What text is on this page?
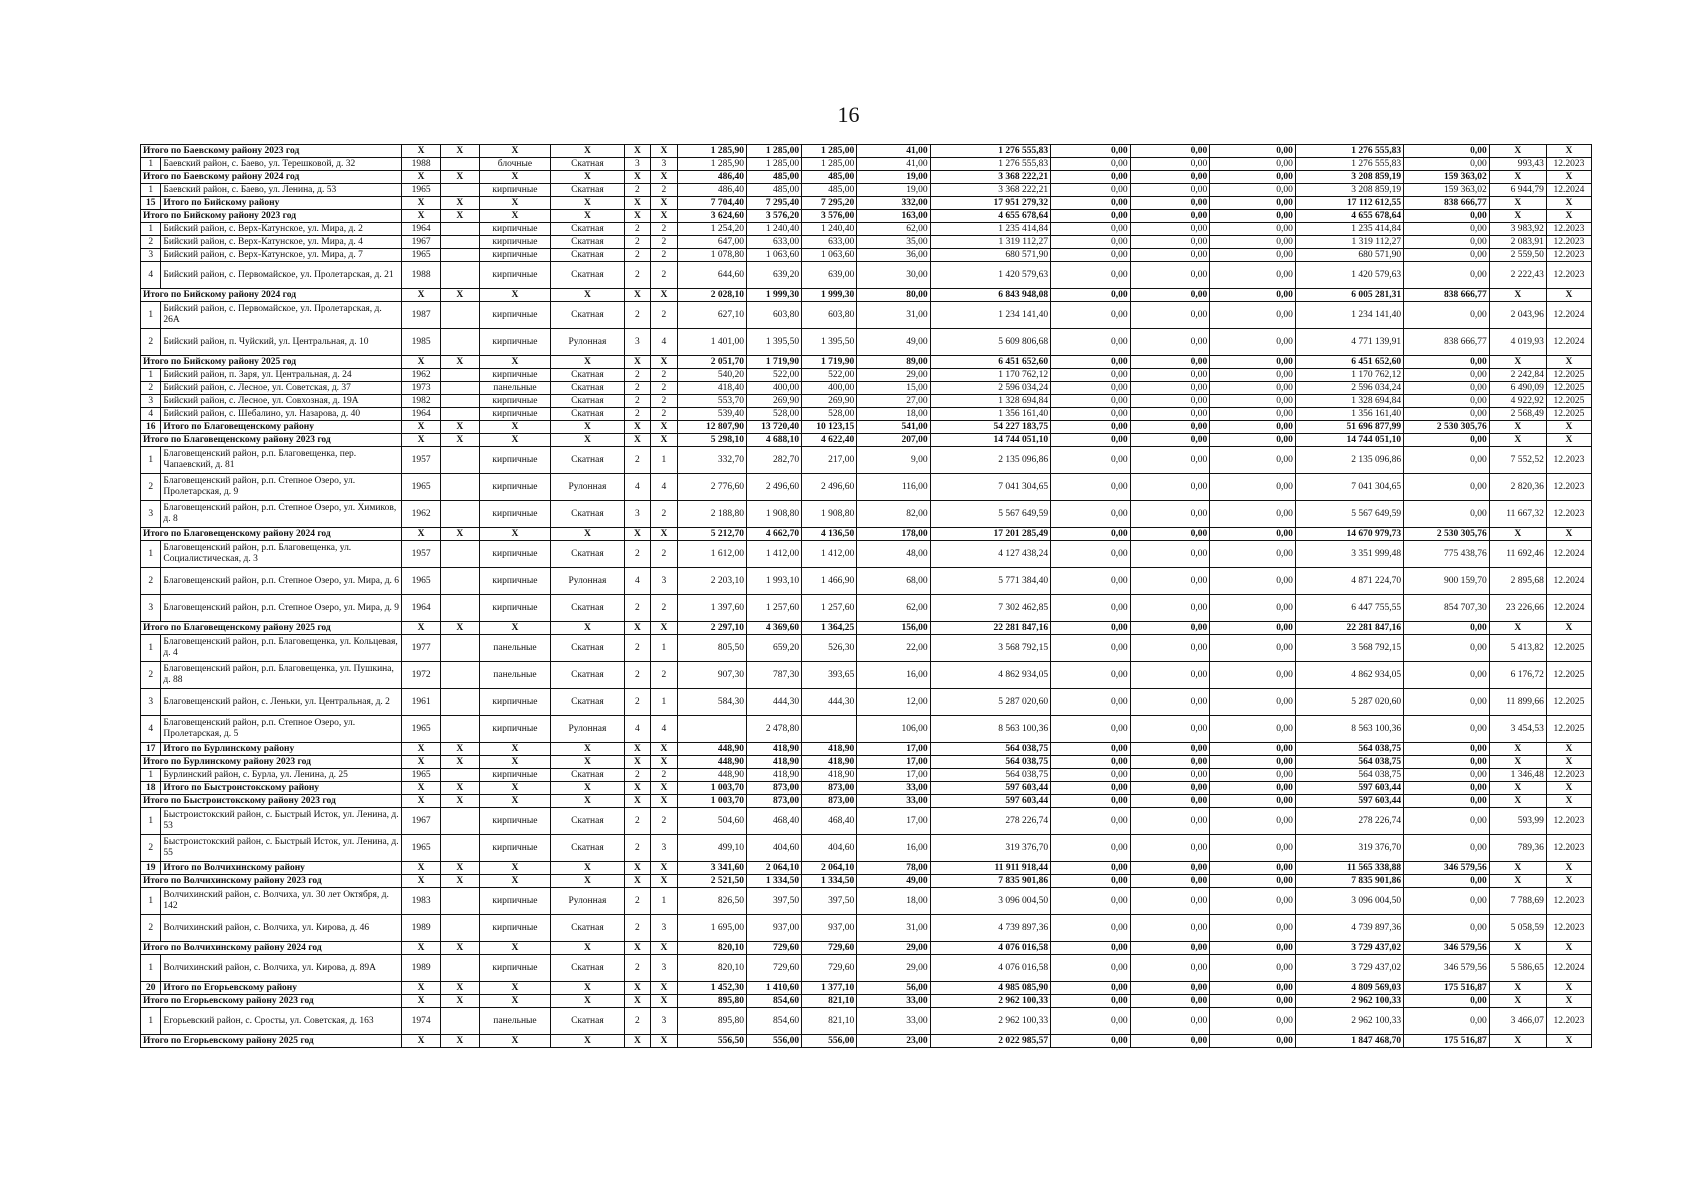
16
Итого по Баевскому району 2023 год		X	X	X	X	X	X	1 285,90	1 285,00	1 285,00	41,00	1 276 555,83	0,00	0,00	0,00	1 276 555,83	0,00	X	X
1	Баевский район, с. Баево, ул. Терешковой, д. 32	1988		блочные	Скатная	3	3	1 285,90	1 285,00	1 285,00	41,00	1 276 555,83	0,00	0,00	0,00	1 276 555,83	0,00	993,43	12.2023
Итого по Баевскому району 2024 год		X	X	X	X	X	X	486,40	485,00	485,00	19,00	3 368 222,21	0,00	0,00	0,00	3 208 859,19	159 363,02	X	X
1	Баевский район, с. Баево, ул. Ленина, д. 53	1965		кирпичные	Скатная	2	2	486,40	485,00	485,00	19,00	3 368 222,21	0,00	0,00	0,00	3 208 859,19	159 363,02	6 944,79	12.2024
15	Итого по Бийскому району	X	X	X	X	X	X	7 704,40	7 295,40	7 295,20	332,00	17 951 279,32	0,00	0,00	0,00	17 112 612,55	838 666,77	X	X
Итого по Бийскому району 2023 год		X	X	X	X	X	X	3 624,60	3 576,20	3 576,00	163,00	4 655 678,64	0,00	0,00	0,00	4 655 678,64	0,00	X	X
1	Бийский район, с. Верх-Катунское, ул. Мира, д. 2	1964		кирпичные	Скатная	2	2	1 254,20	1 240,40	1 240,40	62,00	1 235 414,84	0,00	0,00	0,00	1 235 414,84	0,00	3 983,92	12.2023
2	Бийский район, с. Верх-Катунское, ул. Мира, д. 4	1967		кирпичные	Скатная	2	2	647,00	633,00	633,00	35,00	1 319 112,27	0,00	0,00	0,00	1 319 112,27	0,00	2 083,91	12.2023
3	Бийский район, с. Верх-Катунское, ул. Мира, д. 7	1965		кирпичные	Скатная	2	2	1 078,80	1 063,60	1 063,60	36,00	680 571,90	0,00	0,00	0,00	680 571,90	0,00	2 559,50	12.2023
4	Бийский район, с. Первомайское, ул. Пролетарская, д. 21	1988		кирпичные	Скатная	2	2	644,60	639,20	639,00	30,00	1 420 579,63	0,00	0,00	0,00	1 420 579,63	0,00	2 222,43	12.2023
Итого по Бийскому району 2024 год		X	X	X	X	X	X	2 028,10	1 999,30	1 999,30	80,00	6 843 948,08	0,00	0,00	0,00	6 005 281,31	838 666,77	X	X
1	Бийский район, с. Первомайское, ул. Пролетарская, д. 26А	1987		кирпичные	Скатная	2	2	627,10	603,80	603,80	31,00	1 234 141,40	0,00	0,00	0,00	1 234 141,40	0,00	2 043,96	12.2024
2	Бийский район, п. Чуйский, ул. Центральная, д. 10	1985		кирпичные	Рулонная	3	4	1 401,00	1 395,50	1 395,50	49,00	5 609 806,68	0,00	0,00	0,00	4 771 139,91	838 666,77	4 019,93	12.2024
Итого по Бийскому району 2025 год		X	X	X	X	X	X	2 051,70	1 719,90	1 719,90	89,00	6 451 652,60	0,00	0,00	0,00	6 451 652,60	0,00	X	X
1	Бийский район, п. Заря, ул. Центральная, д. 24	1962		кирпичные	Скатная	2	2	540,20	522,00	522,00	29,00	1 170 762,12	0,00	0,00	0,00	1 170 762,12	0,00	2 242,84	12.2025
2	Бийский район, с. Лесное, ул. Советская, д. 37	1973		панельные	Скатная	2	2	418,40	400,00	400,00	15,00	2 596 034,24	0,00	0,00	0,00	2 596 034,24	0,00	6 490,09	12.2025
3	Бийский район, с. Лесное, ул. Совхозная, д. 19А	1982		кирпичные	Скатная	2	2	553,70	269,90	269,90	27,00	1 328 694,84	0,00	0,00	0,00	1 328 694,84	0,00	4 922,92	12.2025
4	Бийский район, с. Шебалино, ул. Назарова, д. 40	1964		кирпичные	Скатная	2	2	539,40	528,00	528,00	18,00	1 356 161,40	0,00	0,00	0,00	1 356 161,40	0,00	2 568,49	12.2025
16	Итого по Благовещенскому району	X	X	X	X	X	X	12 807,90	13 720,40	10 123,15	541,00	54 227 183,75	0,00	0,00	0,00	51 696 877,99	2 530 305,76	X	X
Итого по Благовещенскому району 2023 год		X	X	X	X	X	X	5 298,10	4 688,10	4 622,40	207,00	14 744 051,10	0,00	0,00	0,00	14 744 051,10	0,00	X	X
1	Благовещенский район, р.п. Благовещенка, пер. Чапаевский, д. 81	1957		кирпичные	Скатная	2	1	332,70	282,70	217,00	9,00	2 135 096,86	0,00	0,00	0,00	2 135 096,86	0,00	7 552,52	12.2023
2	Благовещенский район, р.п. Степное Озеро, ул. Пролетарская, д. 9	1965		кирпичные	Рулонная	4	4	2 776,60	2 496,60	2 496,60	116,00	7 041 304,65	0,00	0,00	0,00	7 041 304,65	0,00	2 820,36	12.2023
3	Благовещенский район, р.п. Степное Озеро, ул. Химиков, д. 8	1962		кирпичные	Скатная	3	2	2 188,80	1 908,80	1 908,80	82,00	5 567 649,59	0,00	0,00	0,00	5 567 649,59	0,00	11 667,32	12.2023
Итого по Благовещенскому району 2024 год		X	X	X	X	X	X	5 212,70	4 662,70	4 136,50	178,00	17 201 285,49	0,00	0,00	0,00	14 670 979,73	2 530 305,76	X	X
1	Благовещенский район, р.п. Благовещенка, ул. Социалистическая, д. 3	1957		кирпичные	Скатная	2	2	1 612,00	1 412,00	1 412,00	48,00	4 127 438,24	0,00	0,00	0,00	3 351 999,48	775 438,76	11 692,46	12.2024
2	Благовещенский район, р.п. Степное Озеро, ул. Мира, д. 6	1965		кирпичные	Рулонная	4	3	2 203,10	1 993,10	1 466,90	68,00	5 771 384,40	0,00	0,00	0,00	4 871 224,70	900 159,70	2 895,68	12.2024
3	Благовещенский район, р.п. Степное Озеро, ул. Мира, д. 9	1964		кирпичные	Скатная	2	2	1 397,60	1 257,60	1 257,60	62,00	7 302 462,85	0,00	0,00	0,00	6 447 755,55	854 707,30	23 226,66	12.2024
Итого по Благовещенскому району 2025 год		X	X	X	X	X	X	2 297,10	4 369,60	1 364,25	156,00	22 281 847,16	0,00	0,00	0,00	22 281 847,16	0,00	X	X
1	Благовещенский район, р.п. Благовещенка, ул. Кольцевая, д. 4	1977		панельные	Скатная	2	1	805,50	659,20	526,30	22,00	3 568 792,15	0,00	0,00	0,00	3 568 792,15	0,00	5 413,82	12.2025
2	Благовещенский район, р.п. Благовещенка, ул. Пушкина, д. 88	1972		панельные	Скатная	2	2	907,30	787,30	393,65	16,00	4 862 934,05	0,00	0,00	0,00	4 862 934,05	0,00	6 176,72	12.2025
3	Благовещенский район, с. Леньки, ул. Центральная, д. 2	1961		кирпичные	Скатная	2	1	584,30	444,30	444,30	12,00	5 287 020,60	0,00	0,00	0,00	5 287 020,60	0,00	11 899,66	12.2025
4	Благовещенский район, р.п. Степное Озеро, ул. Пролетарская, д. 5	1965		кирпичные	Рулонная	4	4		2 478,80		106,00	8 563 100,36	0,00	0,00	0,00	8 563 100,36	0,00	3 454,53	12.2025
17	Итого по Бурлинскому району	X	X	X	X	X	X	448,90	418,90	418,90	17,00	564 038,75	0,00	0,00	0,00	564 038,75	0,00	X	X
Итого по Бурлинскому району 2023 год		X	X	X	X	X	X	448,90	418,90	418,90	17,00	564 038,75	0,00	0,00	0,00	564 038,75	0,00	X	X
1	Бурлинский район, с. Бурла, ул. Ленина, д. 25	1965		кирпичные	Скатная	2	2	448,90	418,90	418,90	17,00	564 038,75	0,00	0,00	0,00	564 038,75	0,00	1 346,48	12.2023
18	Итого по Быстроистокскому району	X	X	X	X	X	X	1 003,70	873,00	873,00	33,00	597 603,44	0,00	0,00	0,00	597 603,44	0,00	X	X
Итого по Быстроистокскому району 2023 год		X	X	X	X	X	X	1 003,70	873,00	873,00	33,00	597 603,44	0,00	0,00	0,00	597 603,44	0,00	X	X
1	Быстроистокский район, с. Быстрый Исток, ул. Ленина, д. 53	1967		кирпичные	Скатная	2	2	504,60	468,40	468,40	17,00	278 226,74	0,00	0,00	0,00	278 226,74	0,00	593,99	12.2023
2	Быстроистокский район, с. Быстрый Исток, ул. Ленина, д. 55	1965		кирпичные	Скатная	2	3	499,10	404,60	404,60	16,00	319 376,70	0,00	0,00	0,00	319 376,70	0,00	789,36	12.2023
19	Итого по Волчихинскому району	X	X	X	X	X	X	3 341,60	2 064,10	2 064,10	78,00	11 911 918,44	0,00	0,00	0,00	11 565 338,88	346 579,56	X	X
Итого по Волчихинскому району 2023 год		X	X	X	X	X	X	2 521,50	1 334,50	1 334,50	49,00	7 835 901,86	0,00	0,00	0,00	7 835 901,86	0,00	X	X
1	Волчихинский район, с. Волчиха, ул. 30 лет Октября, д. 142	1983		кирпичные	Рулонная	2	1	826,50	397,50	397,50	18,00	3 096 004,50	0,00	0,00	0,00	3 096 004,50	0,00	7 788,69	12.2023
2	Волчихинский район, с. Волчиха, ул. Кирова, д. 46	1989		кирпичные	Скатная	2	3	1 695,00	937,00	937,00	31,00	4 739 897,36	0,00	0,00	0,00	4 739 897,36	0,00	5 058,59	12.2023
Итого по Волчихинскому району 2024 год		X	X	X	X	X	X	820,10	729,60	729,60	29,00	4 076 016,58	0,00	0,00	0,00	3 729 437,02	346 579,56	X	X
1	Волчихинский район, с. Волчиха, ул. Кирова, д. 89А	1989		кирпичные	Скатная	2	3	820,10	729,60	729,60	29,00	4 076 016,58	0,00	0,00	0,00	3 729 437,02	346 579,56	5 586,65	12.2024
20	Итого по Егорьевскому району	X	X	X	X	X	X	1 452,30	1 410,60	1 377,10	56,00	4 985 085,90	0,00	0,00	0,00	4 809 569,03	175 516,87	X	X
Итого по Егорьевскому району 2023 год		X	X	X	X	X	X	895,80	854,60	821,10	33,00	2 962 100,33	0,00	0,00	0,00	2 962 100,33	0,00	X	X
1	Егорьевский район, с. Сросты, ул. Советская, д. 163	1974		панельные	Скатная	2	3	895,80	854,60	821,10	33,00	2 962 100,33	0,00	0,00	0,00	2 962 100,33	0,00	3 466,07	12.2023
Итого по Егорьевскому району 2025 год		X	X	X	X	X	X	556,50	556,00	556,00	23,00	2 022 985,57	0,00	0,00	0,00	1 847 468,70	175 516,87	X	X
